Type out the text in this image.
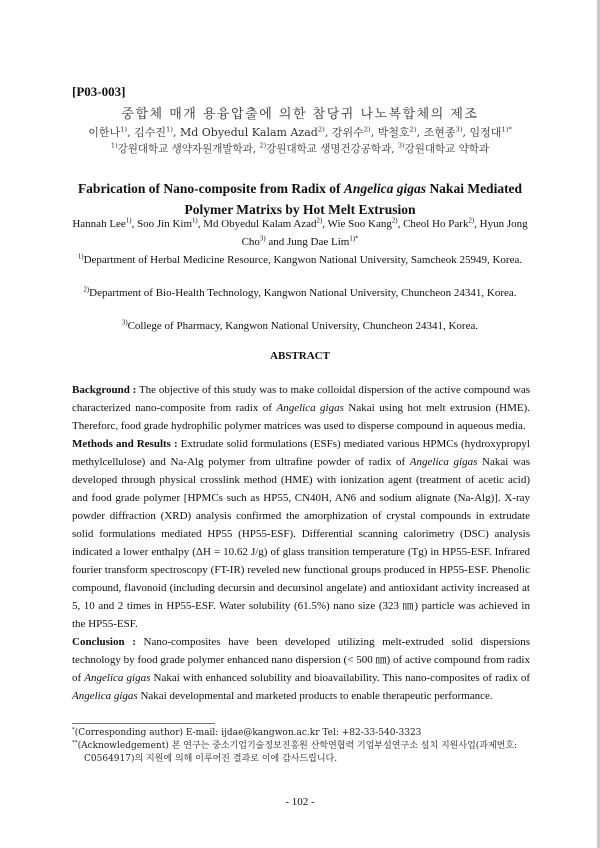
[P03-003]
중합체 매개 용융압출에 의한 참당귀 나노복합체의 제조
이한나$^{1)}$, 김수진$^{1)}$, Md Obyedul Kalam Azad$^{2)}$, 강위수$^{2)}$, 박철호$^{2)}$, 조현종$^{3)}$, 임정대$^{1)*}$
$^{1)}$강원대학교 생약자원개발학과, $^{2)}$강원대학교 생명건강공학과, $^{3)}$강원대학교 약학과
Fabrication of Nano-composite from Radix of Angelica gigas Nakai Mediated Polymer Matrixs by Hot Melt Extrusion
Hannah Lee$^{1)}$, Soo Jin Kim$^{1)}$, Md Obyedul Kalam Azad$^{2)}$, Wie Soo Kang$^{2)}$, Cheol Ho Park$^{2)}$, Hyun Jong Cho$^{3)}$ and Jung Dae Lim$^{1)*}$
$^{1)}$Department of Herbal Medicine Resource, Kangwon National University, Samcheok 25949, Korea.
$^{2)}$Department of Bio-Health Technology, Kangwon National University, Chuncheon 24341, Korea.
$^{3)}$College of Pharmacy, Kangwon National University, Chuncheon 24341, Korea.
ABSTRACT

Background : The objective of this study was to make colloidal dispersion of the active compound was characterized nano-composite from radix of Angelica gigas Nakai using hot melt extrusion (HME). Thereforc, food grade hydrophilic polymer matrices was used to disperse compound in aqueous media.

Methods and Results : Extrudate solid formulations (ESFs) mediated various HPMCs (hydroxypropyl methylcellulose) and Na-Alg polymer from ultrafine powder of radix of Angelica gigas Nakai was developed through physical crosslink method (HME) with ionization agent (treatment of acetic acid) and food grade polymer [HPMCs such as HP55, CN40H, AN6 and sodium alignate (Na-Alg)]. X-ray powder diffraction (XRD) analysis confirmed the amorphization of crystal compounds in extrudate solid formulations mediated HP55 (HP55-ESF). Differential scanning calorimetry (DSC) analysis indicated a lower enthalpy (ΔH = 10.62 J/g) of glass transition temperature (Tg) in HP55-ESF. Infrared fourier transform spectroscopy (FT-IR) reveled new functional groups produced in HP55-ESF. Phenolic compound, flavonoid (including decursin and decursinol angelate) and antioxidant activity increased at 5, 10 and 2 times in HP55-ESF. Water solubility (61.5%) nano size (323 ㎚) particle was achieved in the HP55-ESF.

Conclusion : Nano-composites have been developed utilizing melt-extruded solid dispersions technology by food grade polymer enhanced nano dispersion (< 500 ㎚) of active compound from radix of Angelica gigas Nakai with enhanced solubility and bioavailability. This nano-composites of radix of Angelica gigas Nakai developmental and marketed products to enable therapeutic performance.

*(Corresponding author) E-mail: ijdae@kangwon.ac.kr Tel: +82-33-540-3323

**(Acknowledgement) 본 연구는 중소기업기술정보진흥원 산학연협력 기업부설연구소 설치 지원사업(과제번호: C0564917)의 지원에 의해 이루어진 결과로 이에 감사드립니다.

- 102 -
